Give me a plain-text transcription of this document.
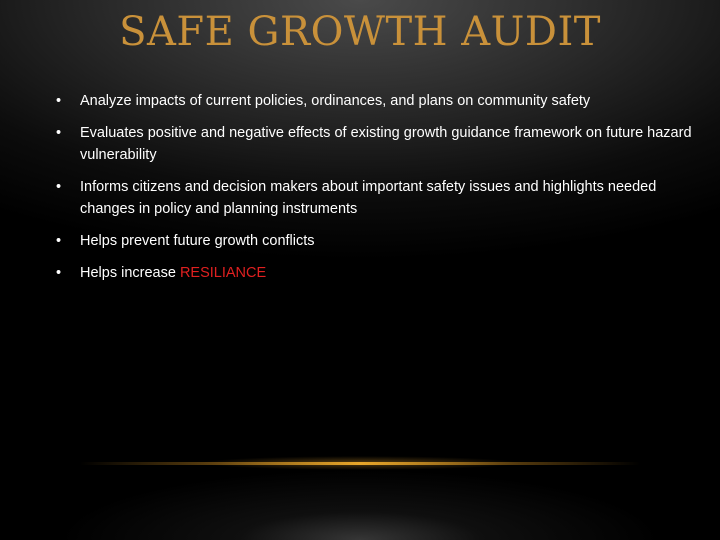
SAFE GROWTH AUDIT
• Analyze impacts of current policies, ordinances, and plans on community safety
• Evaluates positive and negative effects of existing growth guidance framework on future hazard vulnerability
• Informs citizens and decision makers about important safety issues and highlights needed changes in policy and planning instruments
• Helps prevent future growth conflicts
• Helps increase RESILIANCE
